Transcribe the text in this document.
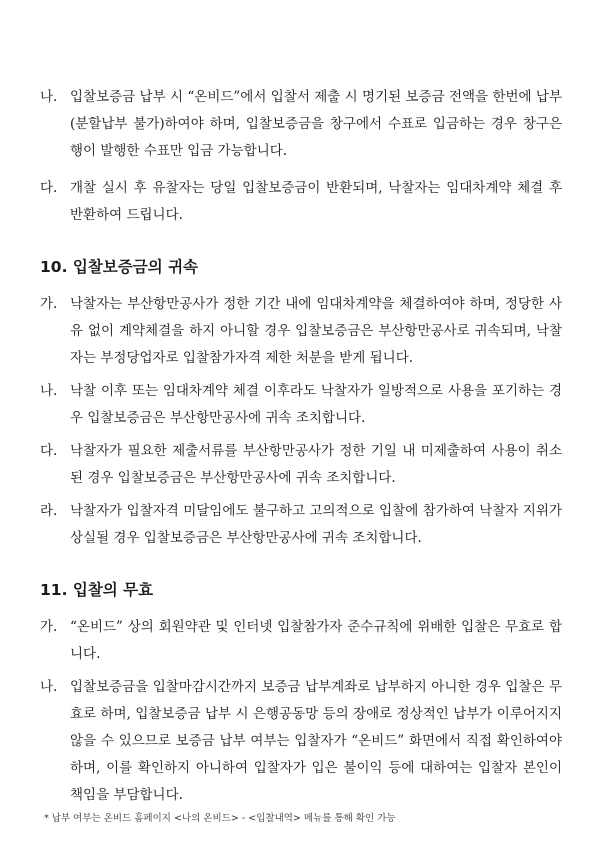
나. 입찰보증금 납부 시 “온비드”에서 입찰서 제출 시 명기된 보증금 전액을 한번에 납부(분할납부 불가)하여야 하며, 입찰보증금을 창구에서 수표로 입금하는 경우 창구은행이 발행한 수표만 입금 가능합니다.
다. 개찰 실시 후 유찰자는 당일 입찰보증금이 반환되며, 낙찰자는 임대차계약 체결 후 반환하여 드립니다.
10. 입찰보증금의 귀속
가. 낙찰자는 부산항만공사가 정한 기간 내에 임대차계약을 체결하여야 하며, 정당한 사유 없이 계약체결을 하지 아니할 경우 입찰보증금은 부산항만공사로 귀속되며, 낙찰자는 부정당업자로 입찰참가자격 제한 처분을 받게 됩니다.
나. 낙찰 이후 또는 임대차계약 체결 이후라도 낙찰자가 일방적으로 사용을 포기하는 경우 입찰보증금은 부산항만공사에 귀속 조치합니다.
다. 낙찰자가 필요한 제출서류를 부산항만공사가 정한 기일 내 미제출하여 사용이 취소된 경우 입찰보증금은 부산항만공사에 귀속 조치합니다.
라. 낙찰자가 입찰자격 미달임에도 불구하고 고의적으로 입찰에 참가하여 낙찰자 지위가 상실될 경우 입찰보증금은 부산항만공사에 귀속 조치합니다.
11. 입찰의 무효
가. “온비드” 상의 회원약관 및 인터넷 입찰참가자 준수규칙에 위배한 입찰은 무효로 합니다.
나. 입찰보증금을 입찰마감시간까지 보증금 납부계좌로 납부하지 아니한 경우 입찰은 무효로 하며, 입찰보증금 납부 시 은행공동망 등의 장애로 정상적인 납부가 이루어지지 않을 수 있으므로 보증금 납부 여부는 입찰자가 “온비드” 화면에서 직접 확인하여야 하며, 이를 확인하지 아니하여 입찰자가 입은 불이익 등에 대하여는 입찰자 본인이 책임을 부담합니다.
* 납부 여부는 온비드 홈페이지 <나의 온비드> - <입찰내역> 메뉴를 통해 확인 가능
